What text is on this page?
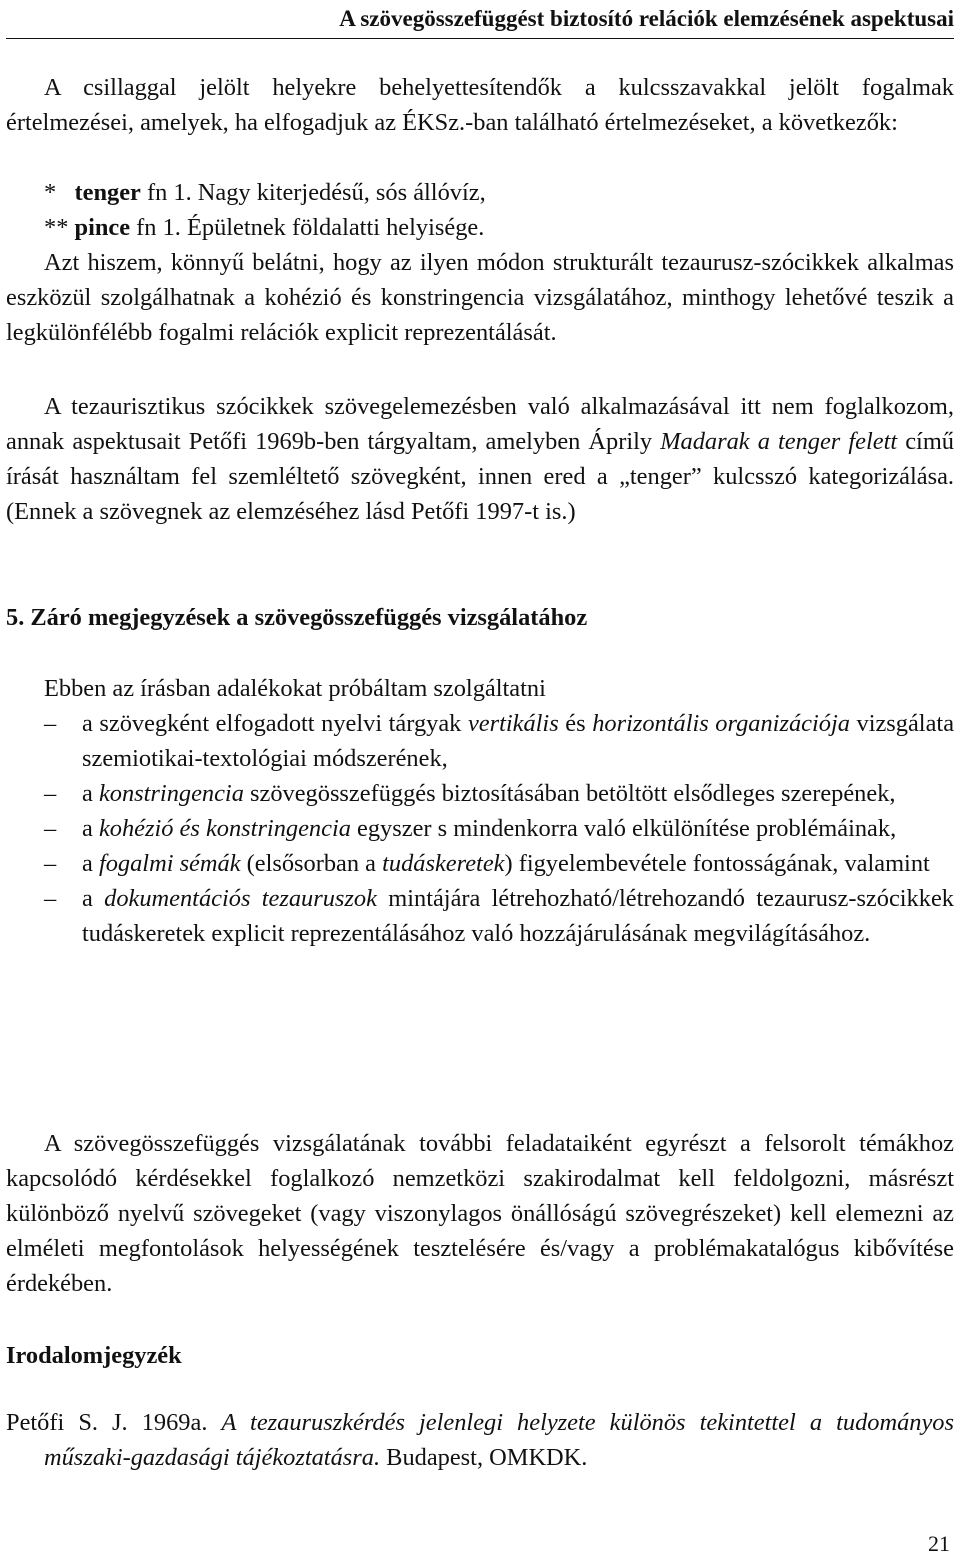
A szövegösszefüggést biztosító relációk elemzésének aspektusai
A csillaggal jelölt helyekre behelyettesítendők a kulcsszavakkal jelölt fogalmak értelmezései, amelyek, ha elfogadjuk az ÉKSz.-ban található értelmezéseket, a következők:
* tenger fn 1. Nagy kiterjedésű, sós állóvíz,
** pince fn 1. Épületnek földalatti helyisége.
Azt hiszem, könnyű belátni, hogy az ilyen módon strukturált tezaurusz-szócikkek alkalmas eszközül szolgálhatnak a kohézió és konstringencia vizsgálatához, minthogy lehetővé teszik a legkülönfélébb fogalmi relációk explicit reprezentálását.
A tezaurisztikus szócikkek szövegelemezésben való alkalmazásával itt nem foglalkozom, annak aspektusait Petőfi 1969b-ben tárgyaltam, amelyben Áprily Madarak a tenger felett című írását használtam fel szemléltető szövegként, innen ered a „tenger” kulcsszó kategorizálása. (Ennek a szövegnek az elemzéséhez lásd Petőfi 1997-t is.)
5. Záró megjegyzések a szövegösszefüggés vizsgálatához
Ebben az írásban adalékokat próbáltam szolgáltatni
– a szövegként elfogadott nyelvi tárgyak vertikális és horizontális organizációja vizsgálata szemiotikai-textológiai módszerének,
– a konstringencia szövegösszefüggés biztosításában betöltött elsődleges szerepének,
– a kohézió és konstringencia egyszer s mindenkorra való elkülönítése problémáinak,
– a fogalmi sémák (elsősorban a tudáskeretek) figyelembevétele fontosságának, valamint
– a dokumentációs tezauruszok mintájára létrehozható/létrehozandó tezaurusz-szócikkek tudáskeretek explicit reprezentálásához való hozzájárulásának megvilágításához.
A szövegösszefüggés vizsgálatának további feladataiként egyrészt a felsorolt témákhoz kapcsolódó kérdésekkel foglalkozó nemzetközi szakirodalmat kell feldolgozni, másrészt különböző nyelvű szövegeket (vagy viszonylagos önállóságú szövegrészeket) kell elemezni az elméleti megfontolások helyességének tesztelésére és/vagy a problémakatalógus kibővítése érdekében.
Irodalomjegyzék
Petőfi S. J. 1969a. A tezauruszkérdés jelenlegi helyzete különös tekintettel a tudományos műszaki-gazdasági tájékoztatásra. Budapest, OMKDK.
21
